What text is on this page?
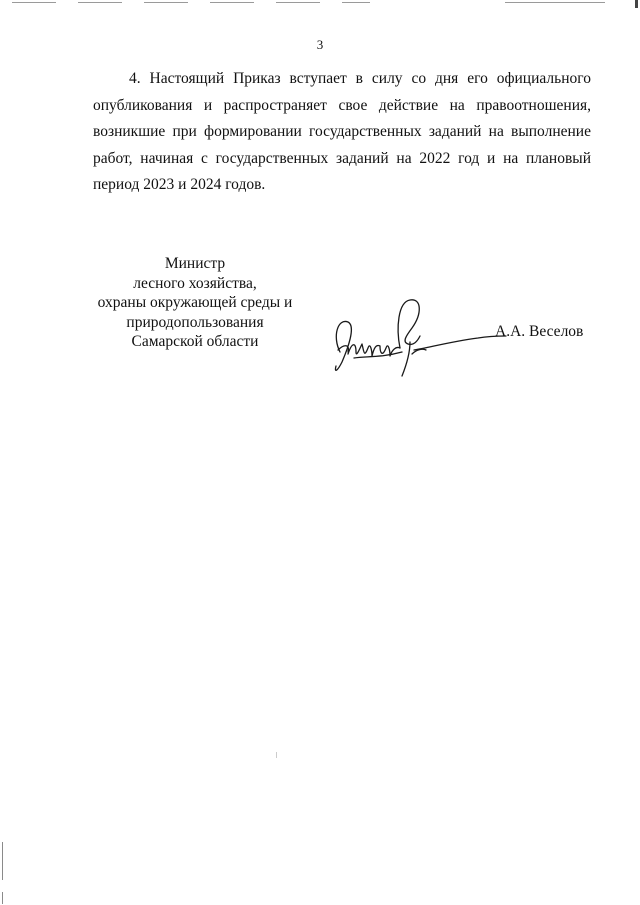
3

4. Настоящий Приказ вступает в силу со дня его официального опубликования и распространяет свое действие на правоотношения, возникшие при формировании государственных заданий на выполнение работ, начиная с государственных заданий на 2022 год и на плановый период 2023 и 2024 годов.

Министр
лесного хозяйства,
охраны окружающей среды и
природопользования
Самарской области
А.А. Веселов
